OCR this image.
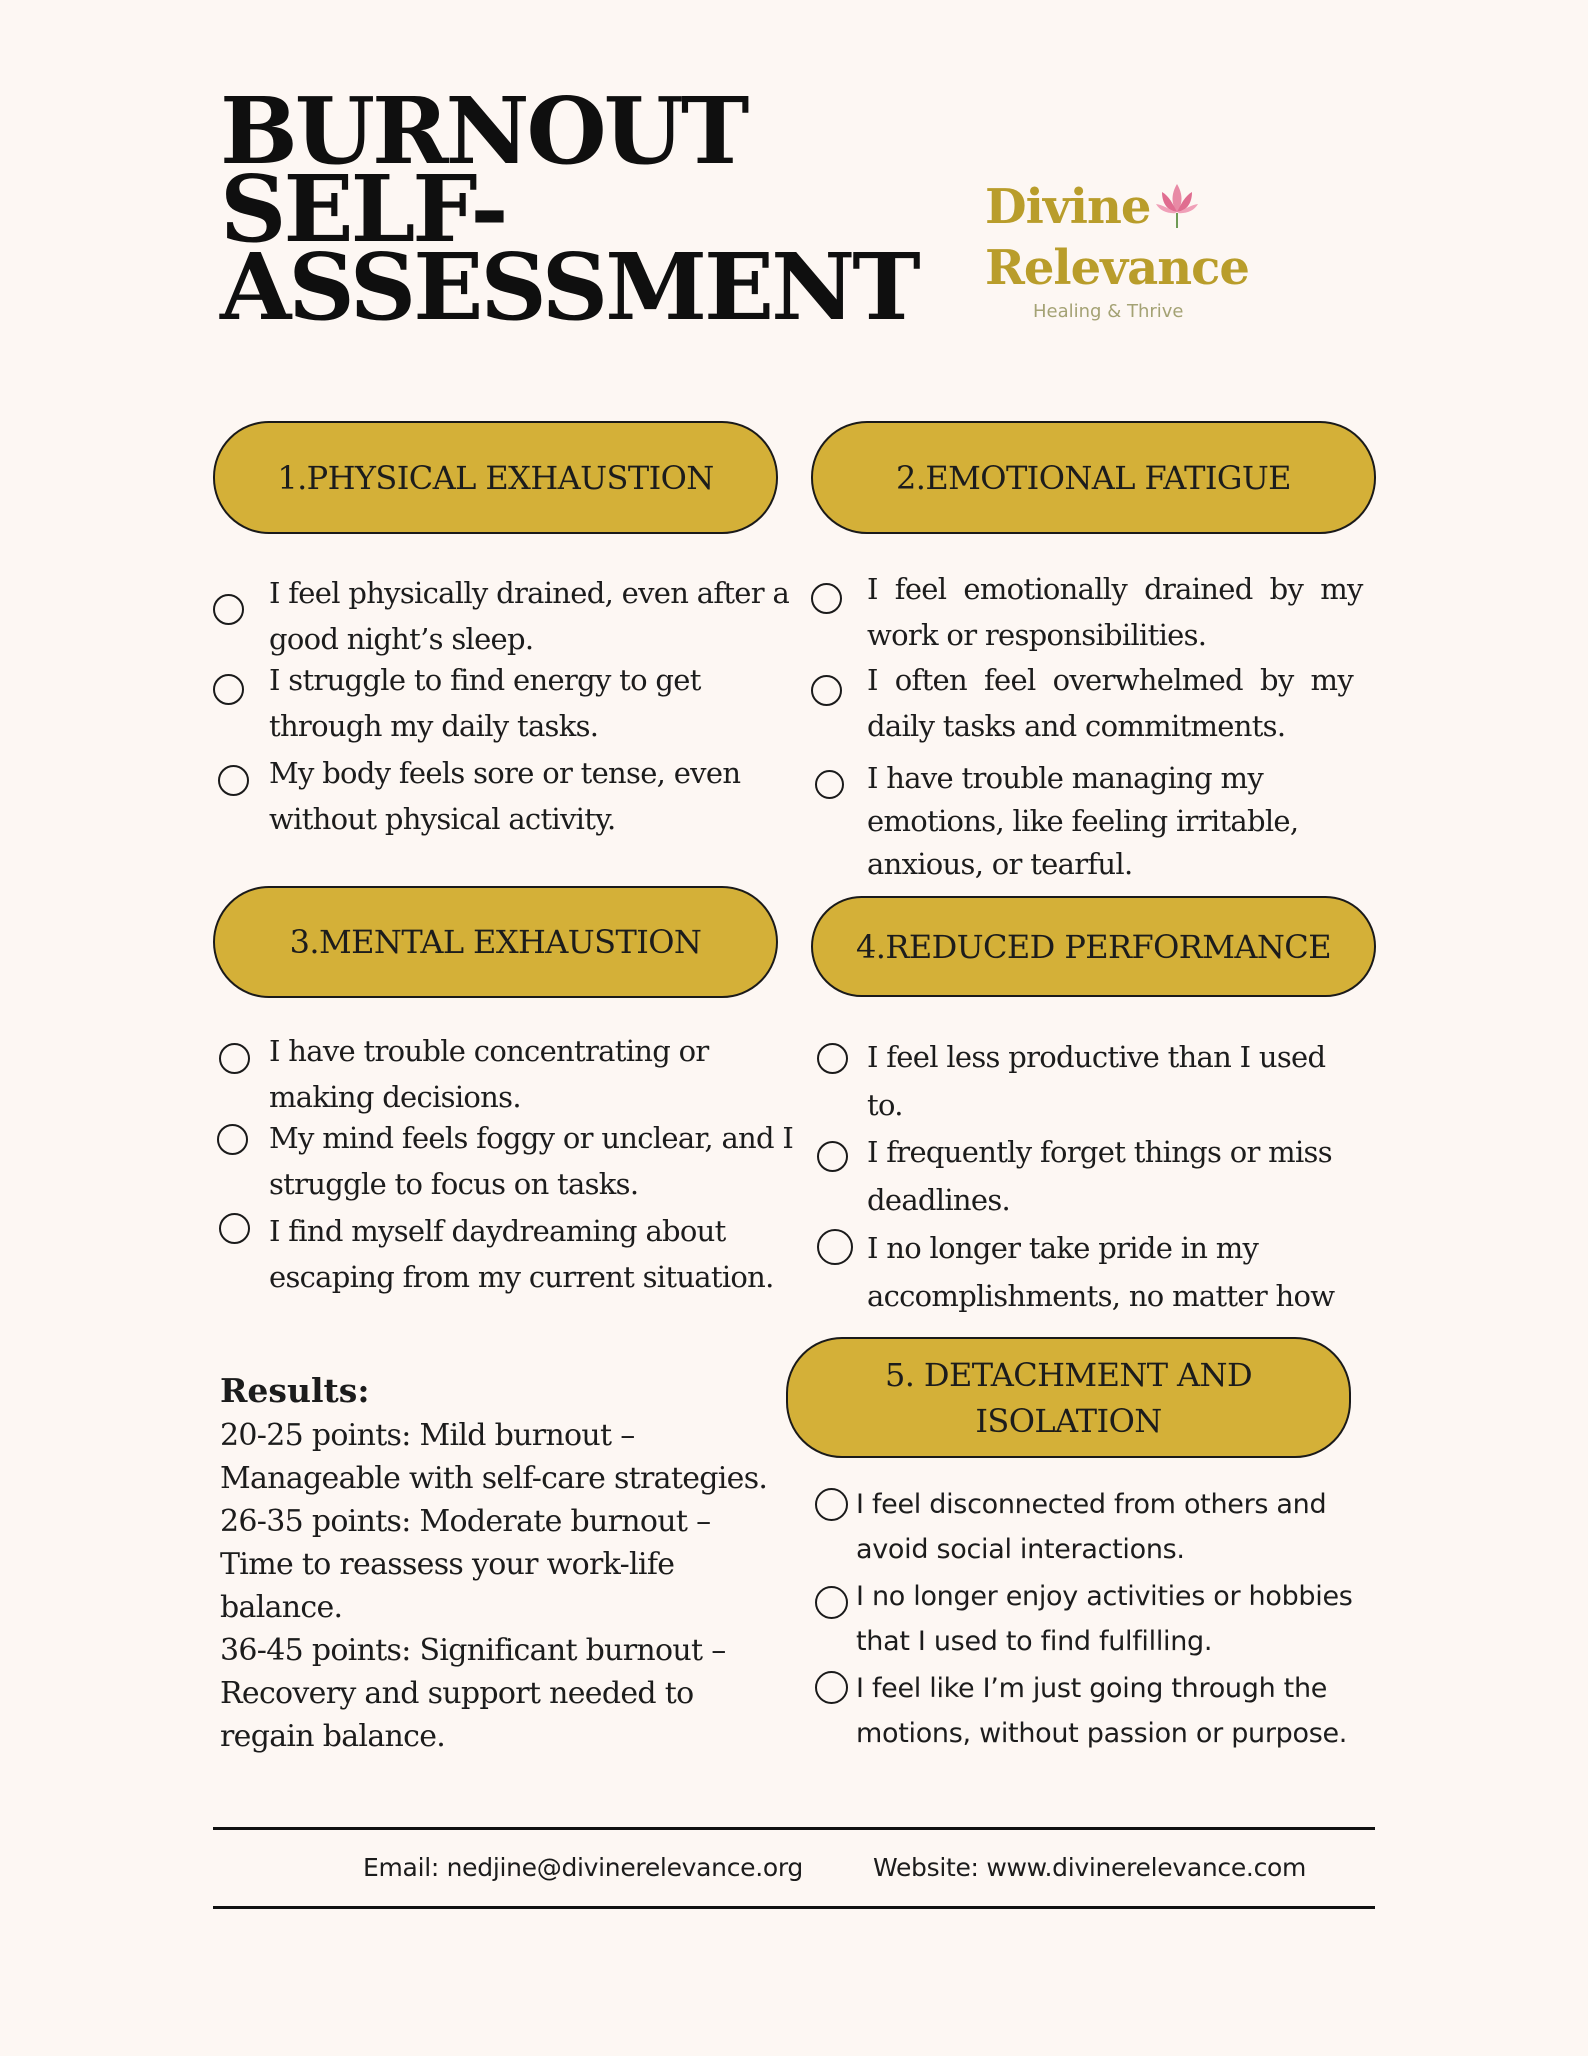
BURNOUT
SELF-
ASSESSMENT
Divine
Relevance
Healing & Thrive
1.PHYSICAL EXHAUSTION

I feel physically drained, even after a
good night’s sleep.

I struggle to find energy to get
through my daily tasks.

My body feels sore or tense, even
without physical activity.

2.EMOTIONAL FATIGUE

I  feel  emotionally  drained  by  my
work or responsibilities.

I  often  feel  overwhelmed  by  my
daily tasks and commitments.

I have trouble managing my
emotions, like feeling irritable,
anxious, or tearful.

3.MENTAL EXHAUSTION

I have trouble concentrating or
making decisions.

My mind feels foggy or unclear, and I
struggle to focus on tasks.

I find myself daydreaming about
escaping from my current situation.

4.REDUCED PERFORMANCE

I feel less productive than I used
to.

I frequently forget things or miss
deadlines.

I no longer take pride in my
accomplishments, no matter how

5. DETACHMENT AND
ISOLATION

I feel disconnected from others and
avoid social interactions.

I no longer enjoy activities or hobbies
that I used to find fulfilling.

I feel like I’m just going through the
motions, without passion or purpose.

Results:
20-25 points: Mild burnout –
Manageable with self-care strategies.
26-35 points: Moderate burnout –
Time to reassess your work-life
balance.
36-45 points: Significant burnout –
Recovery and support needed to
regain balance.
Email: nedjine@divinerelevance.org	Website: www.divinerelevance.com
